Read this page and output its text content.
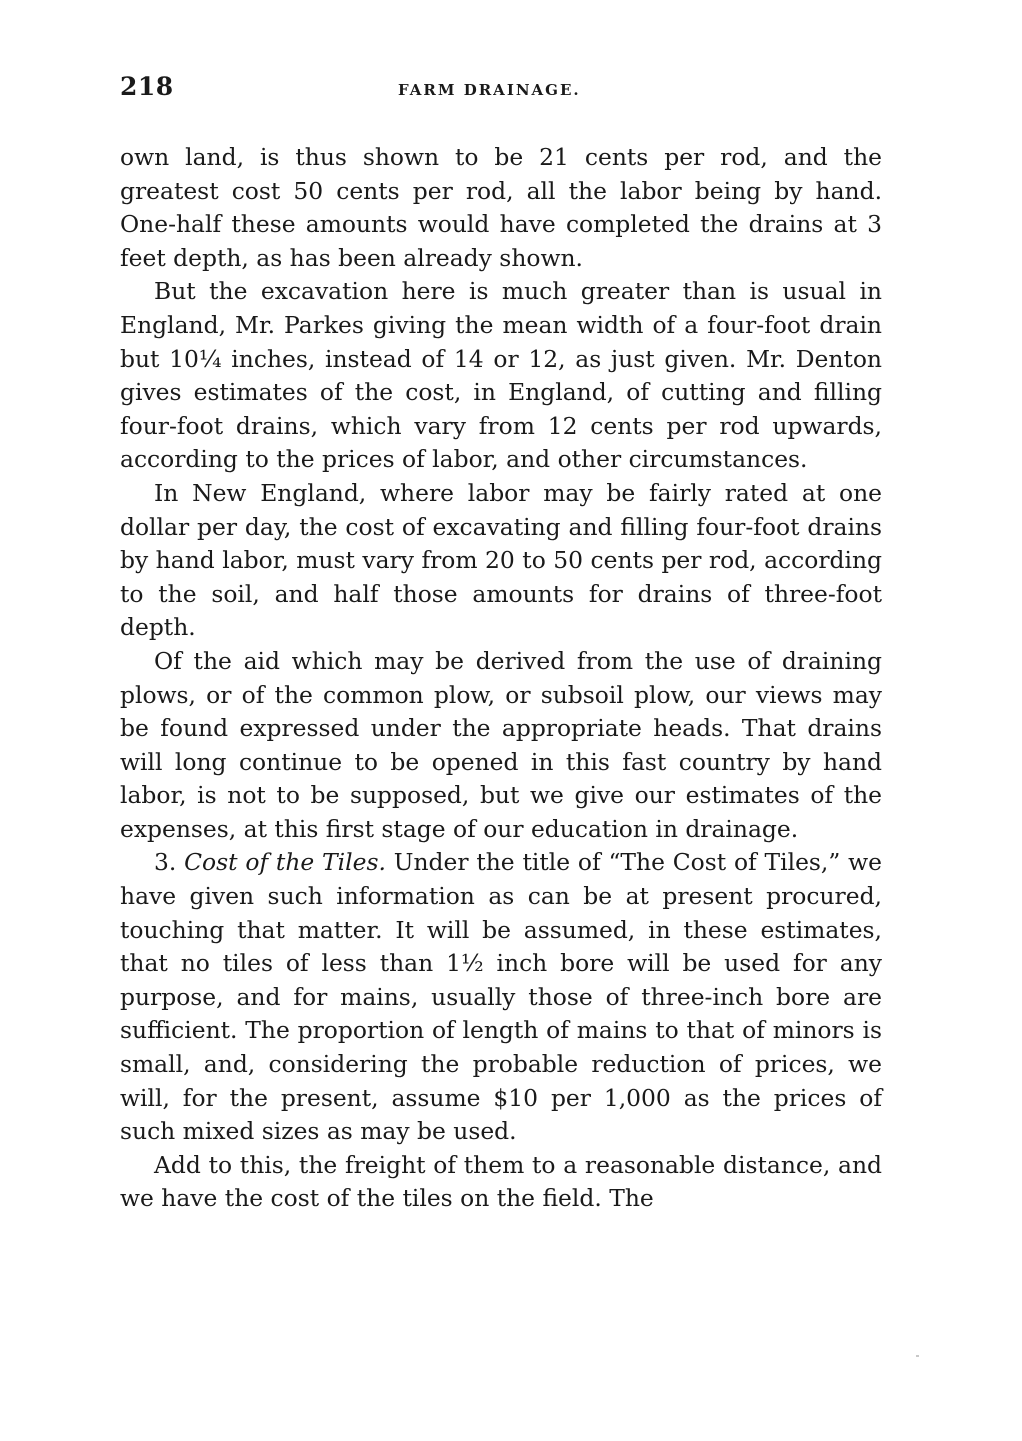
218	FARM DRAINAGE.

own land, is thus shown to be 21 cents per rod, and the greatest cost 50 cents per rod, all the labor being by hand. One-half these amounts would have completed the drains at 3 feet depth, as has been already shown.

But the excavation here is much greater than is usual in England, Mr. Parkes giving the mean width of a four-foot drain but 10¼ inches, instead of 14 or 12, as just given. Mr. Denton gives estimates of the cost, in England, of cutting and filling four-foot drains, which vary from 12 cents per rod upwards, according to the prices of labor, and other circumstances.

In New England, where labor may be fairly rated at one dollar per day, the cost of excavating and filling four-foot drains by hand labor, must vary from 20 to 50 cents per rod, according to the soil, and half those amounts for drains of three-foot depth.

Of the aid which may be derived from the use of draining plows, or of the common plow, or subsoil plow, our views may be found expressed under the appropriate heads. That drains will long continue to be opened in this fast country by hand labor, is not to be supposed, but we give our estimates of the expenses, at this first stage of our education in drainage.

3. Cost of the Tiles. Under the title of “The Cost of Tiles,” we have given such information as can be at present procured, touching that matter. It will be assumed, in these estimates, that no tiles of less than 1½ inch bore will be used for any purpose, and for mains, usually those of three-inch bore are sufficient. The proportion of length of mains to that of minors is small, and, considering the probable reduction of prices, we will, for the present, assume $10 per 1,000 as the prices of such mixed sizes as may be used.

Add to this, the freight of them to a reasonable distance, and we have the cost of the tiles on the field. The
